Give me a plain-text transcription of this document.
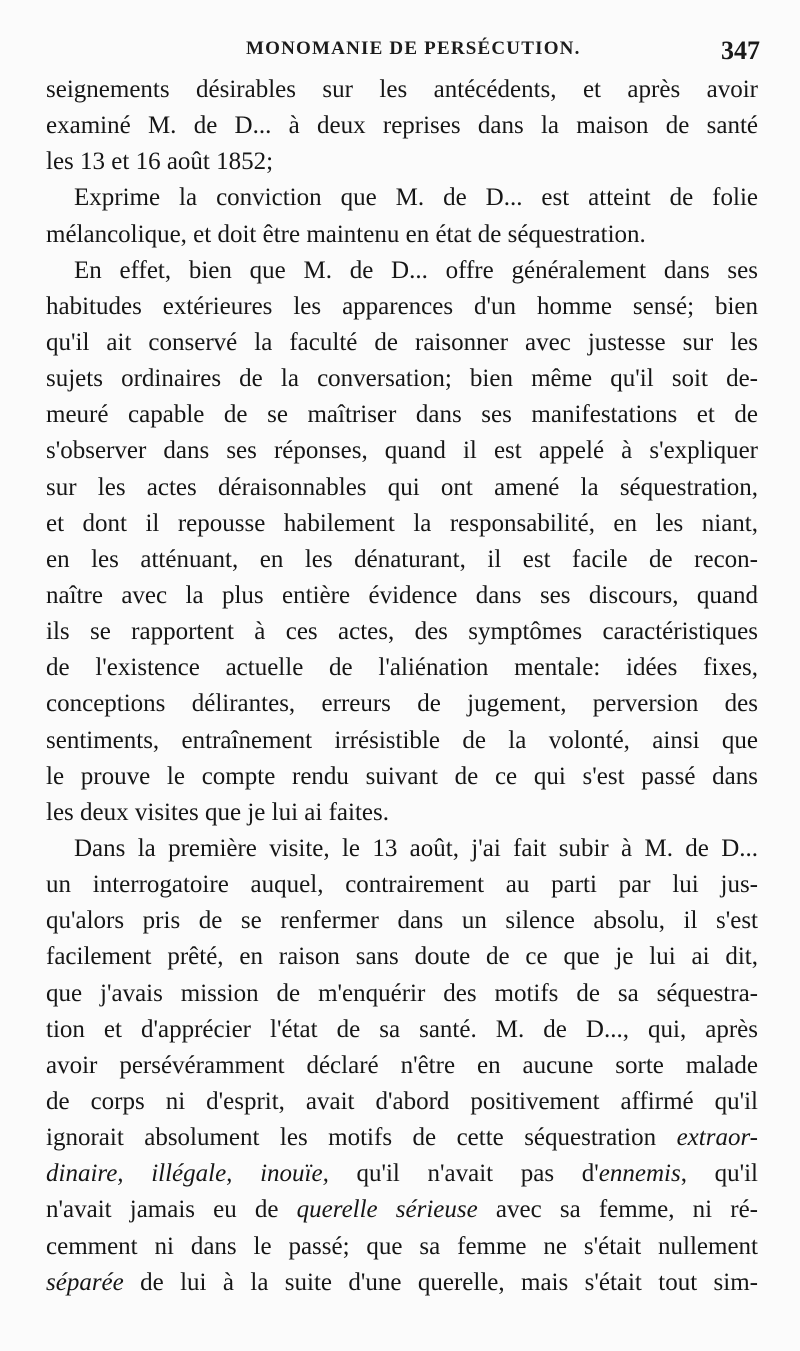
MONOMANIE DE PERSÉCUTION.	347
seignements désirables sur les antécédents, et après avoir
examiné M. de D... à deux reprises dans la maison de santé
les 13 et 16 août 1852;
Exprime la conviction que M. de D... est atteint de folie
mélancolique, et doit être maintenu en état de séquestration.
En effet, bien que M. de D... offre généralement dans ses
habitudes extérieures les apparences d'un homme sensé; bien
qu'il ait conservé la faculté de raisonner avec justesse sur les
sujets ordinaires de la conversation; bien même qu'il soit de-
meuré capable de se maîtriser dans ses manifestations et de
s'observer dans ses réponses, quand il est appelé à s'expliquer
sur les actes déraisonnables qui ont amené la séquestration,
et dont il repousse habilement la responsabilité, en les niant,
en les atténuant, en les dénaturant, il est facile de recon-
naître avec la plus entière évidence dans ses discours, quand
ils se rapportent à ces actes, des symptômes caractéristiques
de l'existence actuelle de l'aliénation mentale: idées fixes,
conceptions délirantes, erreurs de jugement, perversion des
sentiments, entraînement irrésistible de la volonté, ainsi que
le prouve le compte rendu suivant de ce qui s'est passé dans
les deux visites que je lui ai faites.
Dans la première visite, le 13 août, j'ai fait subir à M. de D...
un interrogatoire auquel, contrairement au parti par lui jus-
qu'alors pris de se renfermer dans un silence absolu, il s'est
facilement prêté, en raison sans doute de ce que je lui ai dit,
que j'avais mission de m'enquérir des motifs de sa séquestra-
tion et d'apprécier l'état de sa santé. M. de D..., qui, après
avoir persévéramment déclaré n'être en aucune sorte malade
de corps ni d'esprit, avait d'abord positivement affirmé qu'il
ignorait absolument les motifs de cette séquestration extraor-
dinaire, illégale, inouïe, qu'il n'avait pas d'ennemis, qu'il
n'avait jamais eu de querelle sérieuse avec sa femme, ni ré-
cemment ni dans le passé; que sa femme ne s'était nullement
séparée de lui à la suite d'une querelle, mais s'était tout sim-
